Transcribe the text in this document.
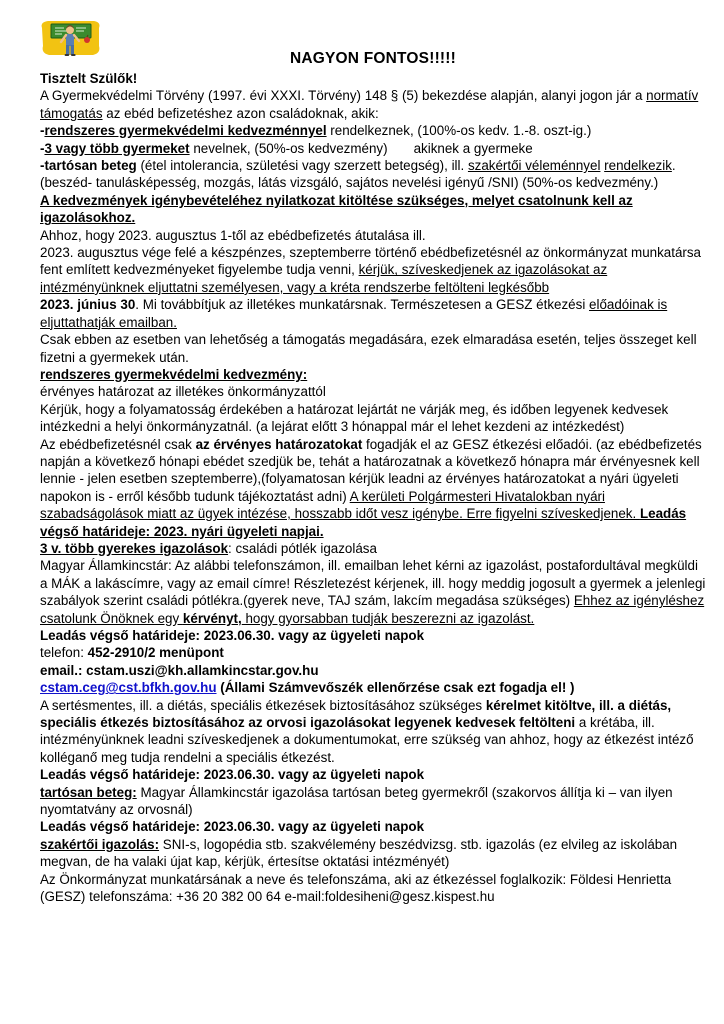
NAGYON FONTOS!!!!!

Tisztelt Szülők!

A Gyermekvédelmi Törvény (1997. évi XXXI. Törvény) 148 § (5) bekezdése alapján, alanyi jogon jár a normatív támogatás az ebéd befizetéshez azon családoknak, akik:

-rendszeres gyermekvédelmi kedvezménnyel rendelkeznek, (100%-os kedv. 1.-8. oszt-ig.)

-3 vagy több gyermeket nevelnek, (50%-os kedvezmény) akiknek a gyermeke

-tartósan beteg (étel intolerancia, születési vagy szerzett betegség), ill. szakértői véleménnyel rendelkezik. (beszéd- tanulásképesség, mozgás, látás vizsgáló, sajátos nevelési igényű /SNI) (50%-os kedvezmény.)

A kedvezmények igénybevételéhez nyilatkozat kitöltése szükséges, melyet csatolnunk kell az igazolásokhoz.

Ahhoz, hogy 2023. augusztus 1-től az ebédbefizetés átutalása ill.

2023. augusztus vége felé a készpénzes, szeptemberre történő ebédbefizetésnél az önkormányzat munkatársa fent említett kedvezményeket figyelembe tudja venni, kérjük, szíveskedjenek az igazolásokat az intézményünknek eljuttatni személyesen, vagy a kréta rendszerbe feltölteni legkésőbb

2023. június 30. Mi továbbítjuk az illetékes munkatársnak. Természetesen a GESZ étkezési előadóinak is eljuttathatják emailban.

Csak ebben az esetben van lehetőség a támogatás megadására, ezek elmaradása esetén, teljes összeget kell fizetni a gyermekek után.

rendszeres gyermekvédelmi kedvezmény:

érvényes határozat az illetékes önkormányzattól

Kérjük, hogy a folyamatosság érdekében a határozat lejártát ne várják meg, és időben legyenek kedvesek intézkedni a helyi önkormányzatnál. (a lejárat előtt 3 hónappal már el lehet kezdeni az intézkedést)

Az ebédbefizetésnél csak az érvényes határozatokat fogadják el az GESZ étkezési előadói. (az ebédbefizetés napján a következő hónapi ebédet szedjük be, tehát a határozatnak a következő hónapra már érvényesnek kell lennie - jelen esetben szeptemberre),(folyamatosan kérjük leadni az érvényes határozatokat a nyári ügyeleti napokon is - erről később tudunk tájékoztatást adni) A kerületi Polgármesteri Hivatalokban nyári szabadságolások miatt az ügyek intézése, hosszabb időt vesz igénybe. Erre figyelni szíveskedjenek. Leadás végső határideje: 2023. nyári ügyeleti napjai.

3 v. több gyerekes igazolások: családi pótlék igazolása

Magyar Államkincstár: Az alábbi telefonszámon, ill. emailban lehet kérni az igazolást, postafordultával megküldi a MÁK a lakáscímre, vagy az email címre! Részletezést kérjenek, ill. hogy meddig jogosult a gyermek a jelenlegi szabályok szerint családi pótlékra.(gyerek neve, TAJ szám, lakcím megadása szükséges) Ehhez az igényléshez csatolunk Önöknek egy kérvényt, hogy gyorsabban tudják beszerezni az igazolást.

Leadás végső határideje: 2023.06.30. vagy az ügyeleti napok

telefon: 452-2910/2 menüpont

email.: cstam.uszi@kh.allamkincstar.gov.hu

cstam.ceg@cst.bfkh.gov.hu (Állami Számvevőszék ellenőrzése csak ezt fogadja el! )

A sertésmentes, ill. a diétás, speciális étkezések biztosításához szükséges kérelmet kitöltve, ill. a diétás, speciális étkezés biztosításához az orvosi igazolásokat legyenek kedvesek feltölteni a krétába, ill. intézményünknek leadni szíveskedjenek a dokumentumokat, erre szükség van ahhoz, hogy az étkezést intéző kolléganő meg tudja rendelni a speciális étkezést.

Leadás végső határideje: 2023.06.30. vagy az ügyeleti napok

tartósan beteg: Magyar Államkincstár igazolása tartósan beteg gyermekről (szakorvos állítja ki – van ilyen nyomtatvány az orvosnál)

Leadás végső határideje: 2023.06.30. vagy az ügyeleti napok

szakértői igazolás: SNI-s, logopédia stb. szakvélemény beszédvizsg. stb. igazolás (ez elvileg az iskolában megvan, de ha valaki újat kap, kérjük, értesítse oktatási intézményét)

Az Önkormányzat munkatársának a neve és telefonszáma, aki az étkezéssel foglalkozik: Földesi Henrietta (GESZ) telefonszáma: +36 20 382 00 64 e-mail:foldesiheni@gesz.kispest.hu
